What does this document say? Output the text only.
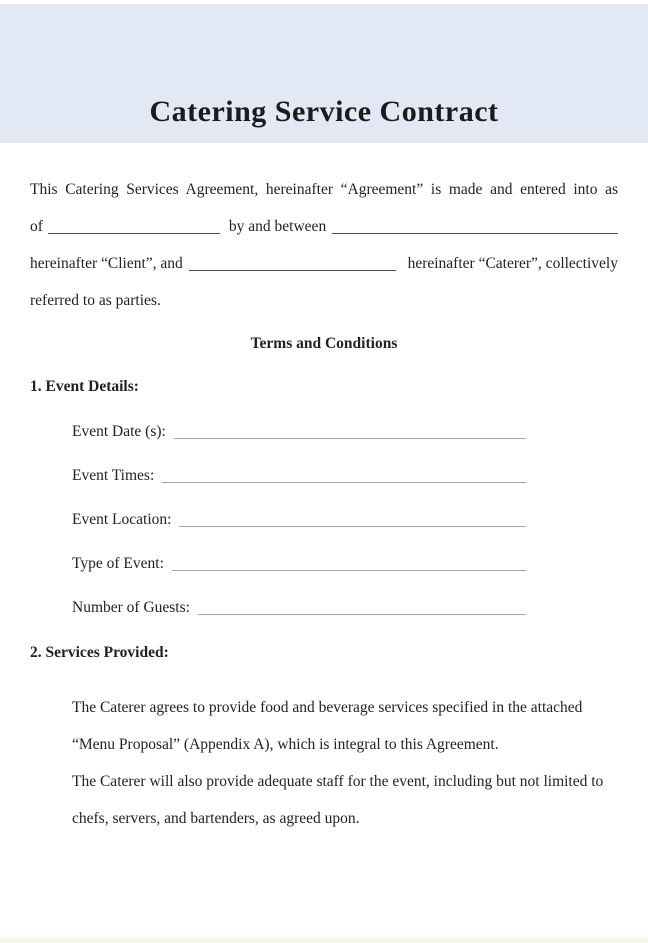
Catering Service Contract
This Catering Services Agreement, hereinafter “Agreement” is made and entered into as
of	by and between
hereinafter “Client”, and	hereinafter “Caterer”, collectively
referred to as parties.
Terms and Conditions
1. Event Details:
Event Date (s):
Event Times:
Event Location:
Type of Event:
Number of Guests:
2. Services Provided:

The Caterer agrees to provide food and beverage services specified in the attached “Menu Proposal” (Appendix A), which is integral to this Agreement.

The Caterer will also provide adequate staff for the event, including but not limited to chefs, servers, and bartenders, as agreed upon.
